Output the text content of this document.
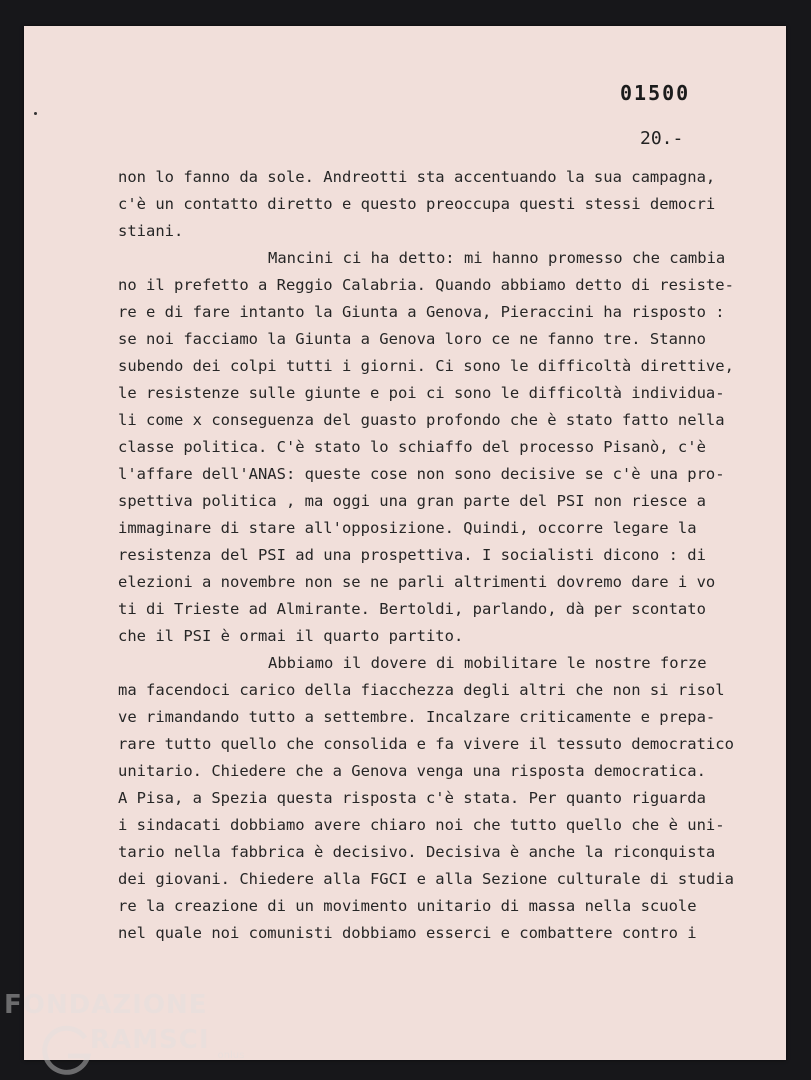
01500
20.-
non lo fanno da sole. Andreotti sta accentuando la sua campagna,
c'è un contatto diretto e questo preoccupa questi stessi democri
stiani.
Mancini ci ha detto: mi hanno promesso che cambia
no il prefetto a Reggio Calabria. Quando abbiamo detto di resiste-
re e di fare intanto la Giunta a Genova, Pieraccini ha risposto :
se noi facciamo la Giunta a Genova loro ce ne fanno tre. Stanno
subendo dei colpi tutti i giorni. Ci sono le difficoltà direttive,
le resistenze sulle giunte e poi ci sono le difficoltà individua-
li come x conseguenza del guasto profondo che è stato fatto nella
classe politica. C'è stato lo schiaffo del processo Pisanò, c'è
l'affare dell'ANAS: queste cose non sono decisive se c'è una pro-
spettiva politica , ma oggi una gran parte del PSI non riesce a
immaginare di stare all'opposizione. Quindi, occorre legare la
resistenza del PSI ad una prospettiva. I socialisti dicono : di
elezioni a novembre non se ne parli altrimenti dovremo dare i vo
ti di Trieste ad Almirante. Bertoldi, parlando, dà per scontato
che il PSI è ormai il quarto partito.
Abbiamo il dovere di mobilitare le nostre forze
ma facendoci carico della fiacchezza degli altri che non si risol
ve rimandando tutto a settembre. Incalzare criticamente e prepa-
rare tutto quello che consolida e fa vivere il tessuto democratico
unitario. Chiedere che a Genova venga una risposta democratica.
A Pisa, a Spezia questa risposta c'è stata. Per quanto riguarda
i sindacati dobbiamo avere chiaro noi che tutto quello che è uni-
tario nella fabbrica è decisivo. Decisiva è anche la riconquista
dei giovani. Chiedere alla FGCI e alla Sezione culturale di studia
re la creazione di un movimento unitario di massa nella scuole
nel quale noi comunisti dobbiamo esserci e combattere contro i
FONDAZIONE
RAMSCI onlus
